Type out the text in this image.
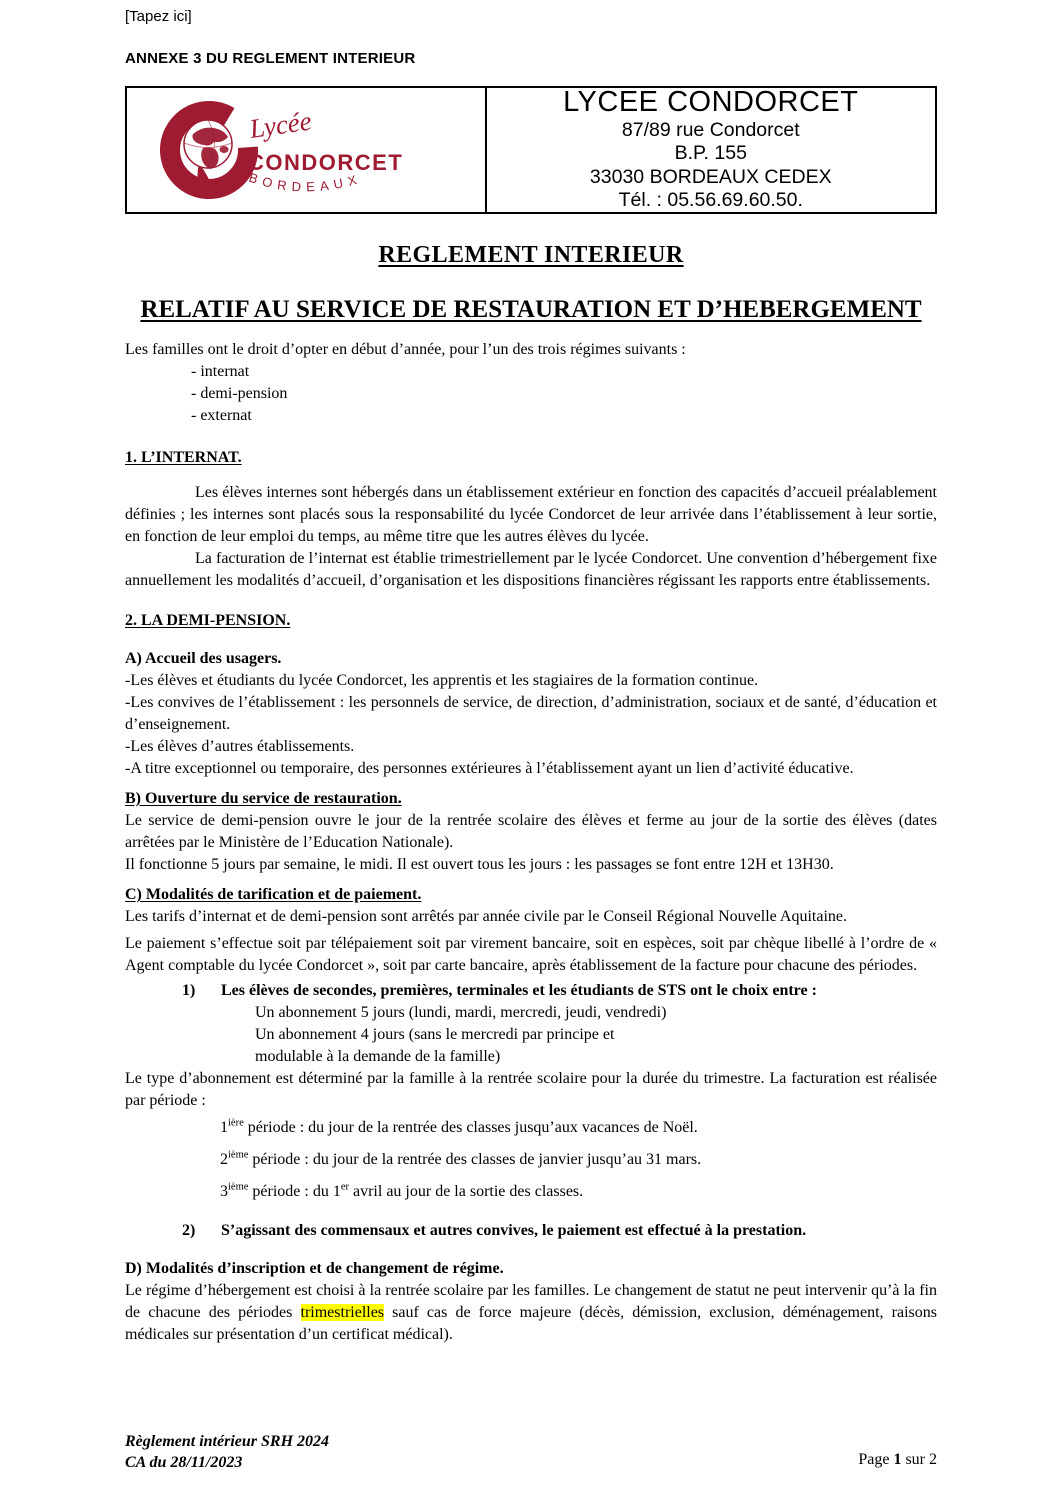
[Tapez ici]
ANNEXE 3 DU REGLEMENT INTERIEUR
Lycée
CONDORCET
BORDEAUX
LYCEE CONDORCET
87/89 rue Condorcet
B.P. 155
33030 BORDEAUX CEDEX
Tél. : 05.56.69.60.50.
REGLEMENT INTERIEUR
RELATIF AU SERVICE DE RESTAURATION ET D’HEBERGEMENT

Les familles ont le droit d’opter en début d’année, pour l’un des trois régimes suivants :

- internat
- demi-pension
- externat
1. L’INTERNAT.

Les élèves internes sont hébergés dans un établissement extérieur en fonction des capacités d’accueil préalablement définies ; les internes sont placés sous la responsabilité du lycée Condorcet de leur arrivée dans l’établissement à leur sortie, en fonction de leur emploi du temps, au même titre que les autres élèves du lycée.

La facturation de l’internat est établie trimestriellement par le lycée Condorcet. Une convention d’hébergement fixe annuellement les modalités d’accueil, d’organisation et les dispositions financières régissant les rapports entre établissements.

2. LA DEMI-PENSION.
A) Accueil des usagers.

-Les élèves et étudiants du lycée Condorcet, les apprentis et les stagiaires de la formation continue.

-Les convives de l’établissement : les personnels de service, de direction, d’administration, sociaux et de santé, d’éducation et d’enseignement.

-Les élèves d’autres établissements.

-A titre exceptionnel ou temporaire, des personnes extérieures à l’établissement ayant un lien d’activité éducative.

B) Ouverture du service de restauration.

Le service de demi-pension ouvre le jour de la rentrée scolaire des élèves et ferme au jour de la sortie des élèves (dates arrêtées par le Ministère de l’Education Nationale).

Il fonctionne 5 jours par semaine, le midi. Il est ouvert tous les jours : les passages se font entre 12H et 13H30.

C) Modalités de tarification et de paiement.

Les tarifs d’internat et de demi-pension sont arrêtés par année civile par le Conseil Régional Nouvelle Aquitaine.

Le paiement s’effectue soit par télépaiement soit par virement bancaire, soit en espèces, soit par chèque libellé à l’ordre de « Agent comptable du lycée Condorcet », soit par carte bancaire, après établissement de la facture pour chacune des périodes.

1)	Les élèves de secondes, premières, terminales et les étudiants de STS ont le choix entre :
Un abonnement 5 jours (lundi, mardi, mercredi, jeudi, vendredi)
Un abonnement 4 jours (sans le mercredi par principe et
modulable à la demande de la famille)

Le type d’abonnement est déterminé par la famille à la rentrée scolaire pour la durée du trimestre. La facturation est réalisée par période :

$1^{ière}$ période : du jour de la rentrée des classes jusqu’aux vacances de Noël.
2ième période : du jour de la rentrée des classes de janvier jusqu’au 31 mars.
3ième période : du 1er avril au jour de la sortie des classes.
2)	S’agissant des commensaux et autres convives, le paiement est effectué à la prestation.
D) Modalités d’inscription et de changement de régime.

Le régime d’hébergement est choisi à la rentrée scolaire par les familles. Le changement de statut ne peut intervenir qu’à la fin de chacune des périodes trimestrielles sauf cas de force majeure (décès, démission, exclusion, déménagement, raisons médicales sur présentation d’un certificat médical).

Règlement intérieur SRH 2024
CA du 28/11/2023	Page 1 sur 2
